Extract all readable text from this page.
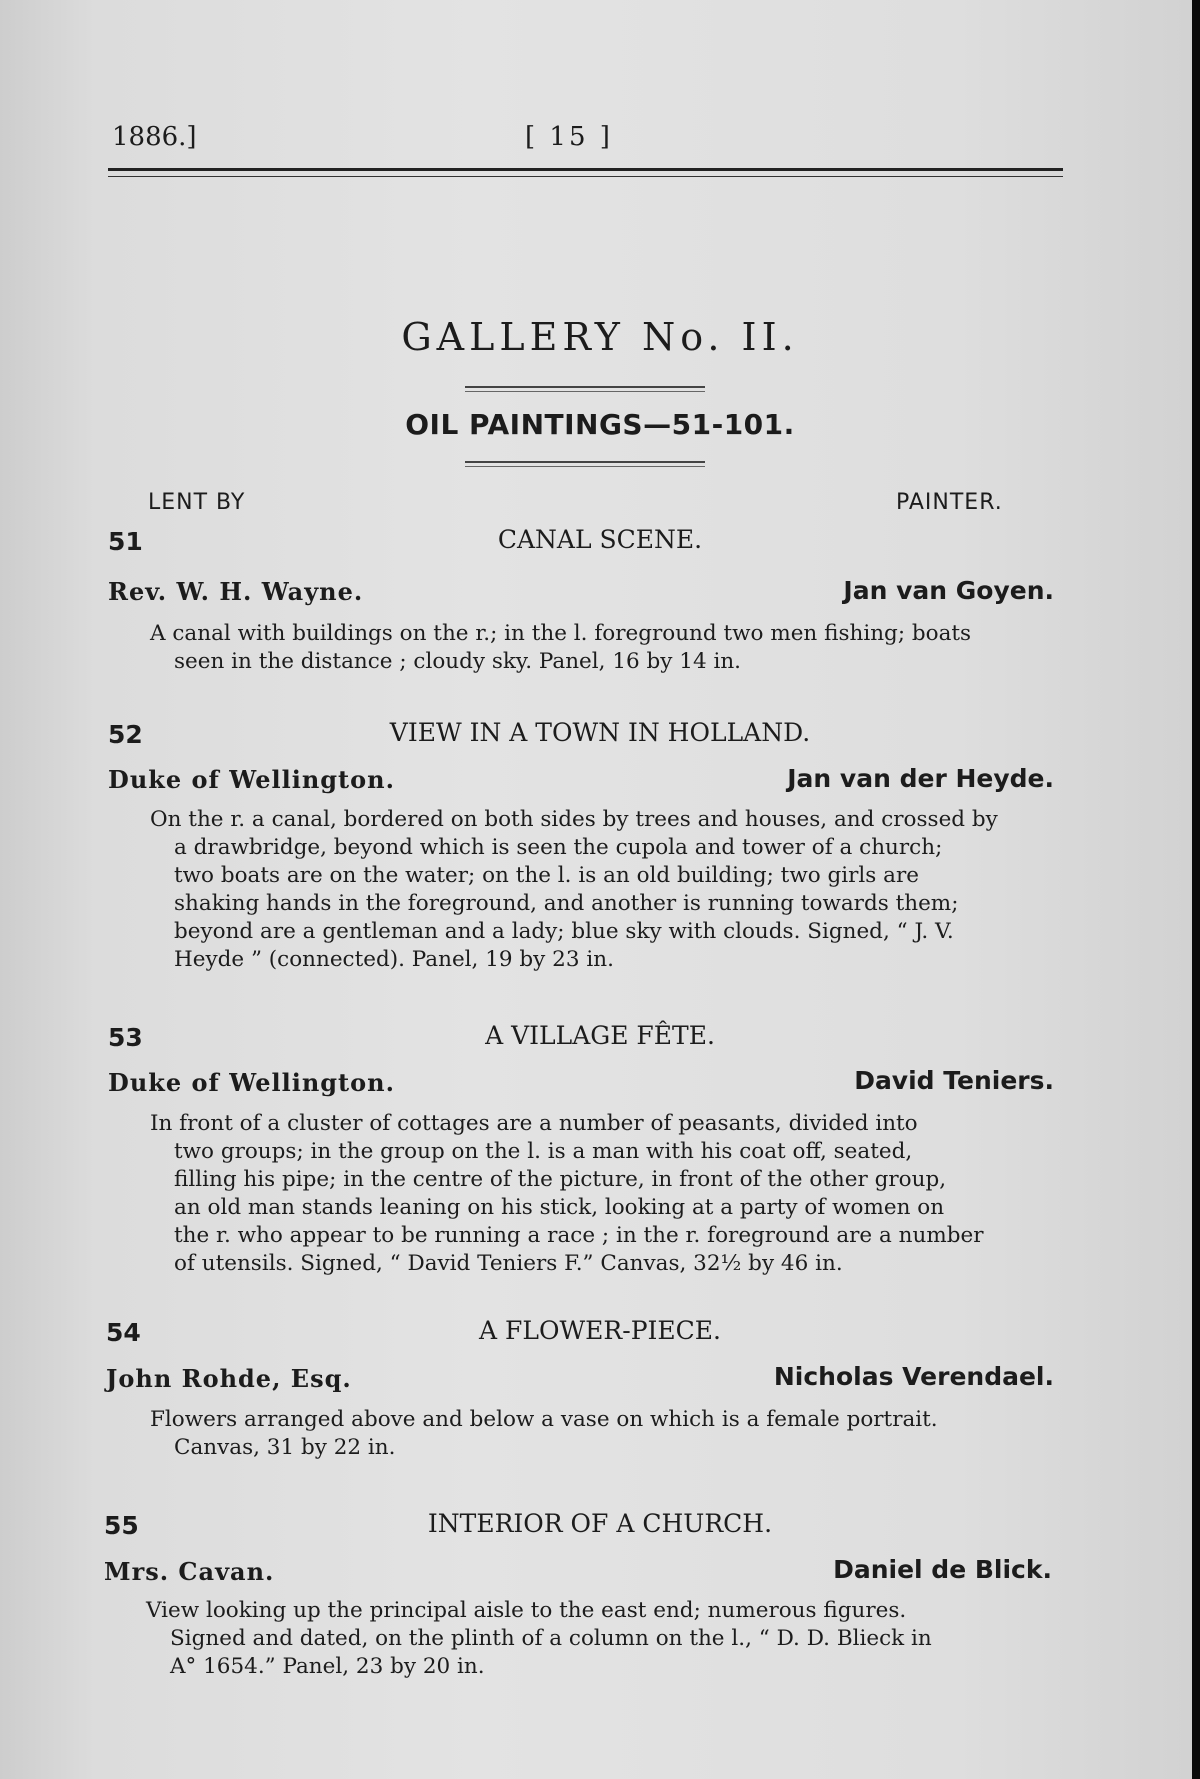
1886.]	[ 15 ]
GALLERY No. II.
OIL PAINTINGS—51-101.
LENT BY	PAINTER.
51	CANAL SCENE.
Rev. W. H. Wayne.	Jan van Goyen.
A canal with buildings on the r.; in the l. foreground two men fishing; boats
seen in the distance ; cloudy sky. Panel, 16 by 14 in.
52	VIEW IN A TOWN IN HOLLAND.
Duke of Wellington.	Jan van der Heyde.
On the r. a canal, bordered on both sides by trees and houses, and crossed by
a drawbridge, beyond which is seen the cupola and tower of a church;
two boats are on the water; on the l. is an old building; two girls are
shaking hands in the foreground, and another is running towards them;
beyond are a gentleman and a lady; blue sky with clouds. Signed, “ J. V.
Heyde ” (connected). Panel, 19 by 23 in.
53	A VILLAGE FÊTE.
Duke of Wellington.	David Teniers.
In front of a cluster of cottages are a number of peasants, divided into
two groups; in the group on the l. is a man with his coat off, seated,
filling his pipe; in the centre of the picture, in front of the other group,
an old man stands leaning on his stick, looking at a party of women on
the r. who appear to be running a race ; in the r. foreground are a number
of utensils. Signed, “ David Teniers F.” Canvas, 32½ by 46 in.
54	A FLOWER-PIECE.
John Rohde, Esq.	Nicholas Verendael.
Flowers arranged above and below a vase on which is a female portrait.
Canvas, 31 by 22 in.
55	INTERIOR OF A CHURCH.
Mrs. Cavan.	Daniel de Blick.
View looking up the principal aisle to the east end; numerous figures.
Signed and dated, on the plinth of a column on the l., “ D. D. Blieck in
A° 1654.” Panel, 23 by 20 in.
